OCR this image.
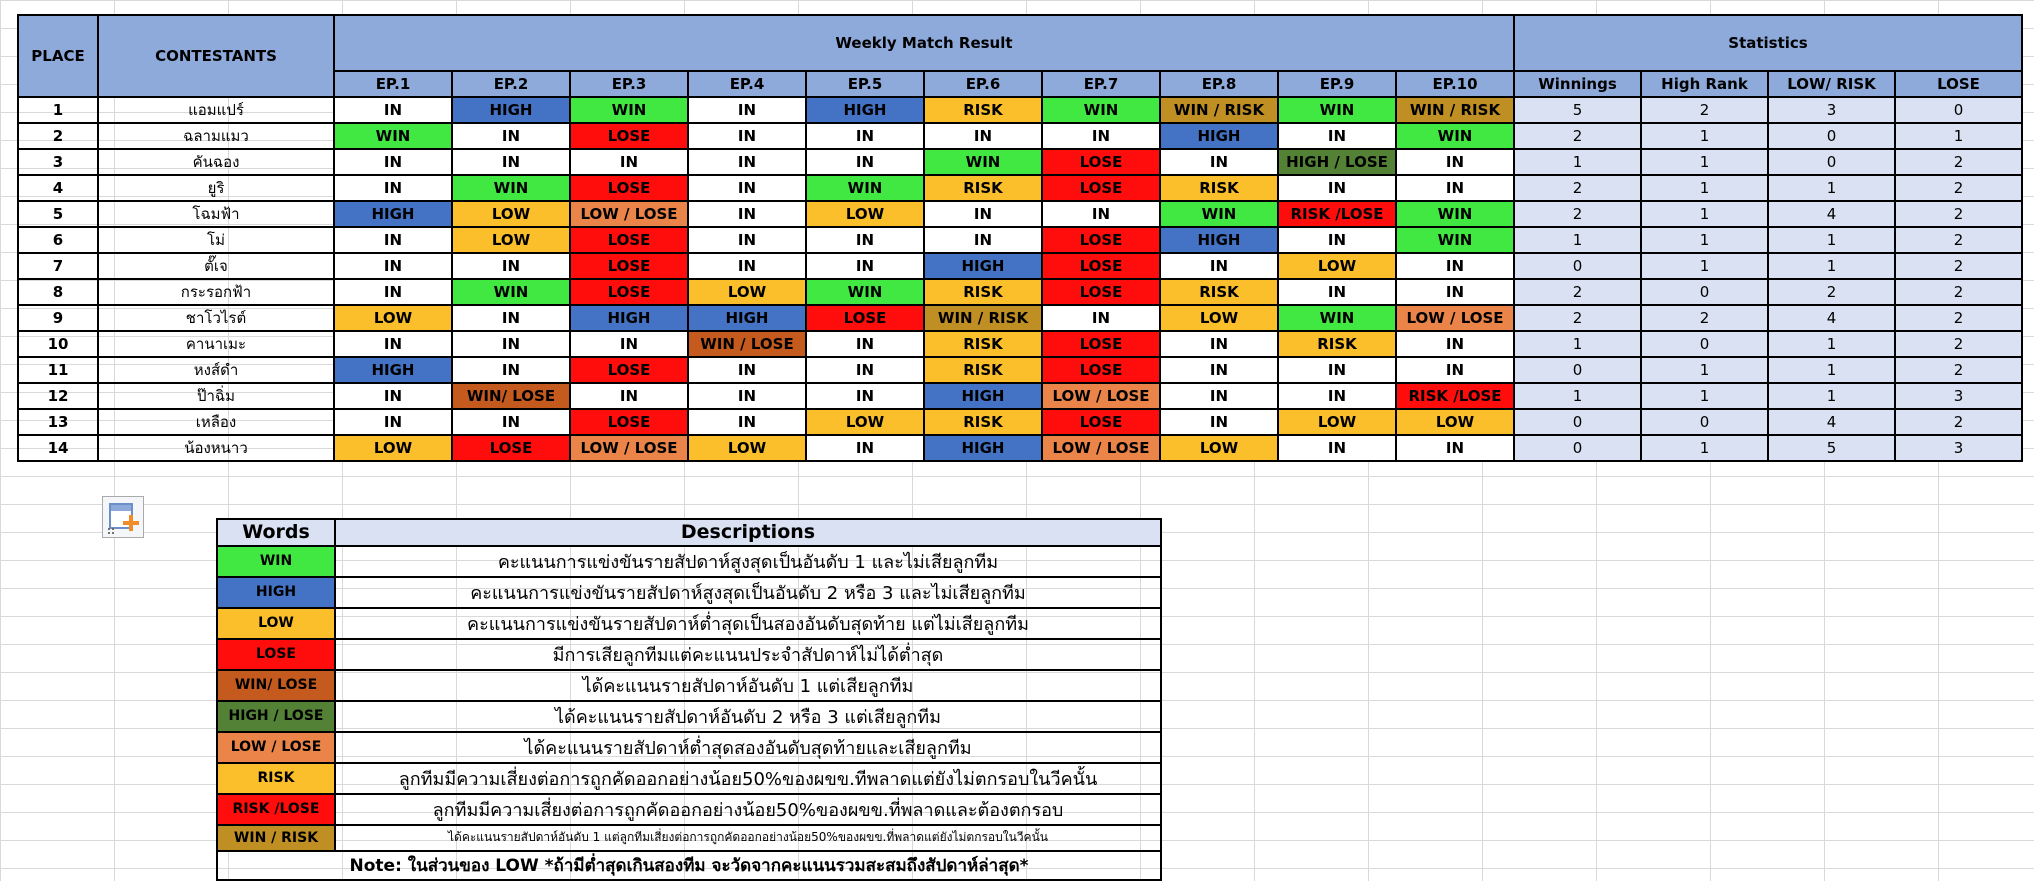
PLACE	CONTESTANTS	Weekly Match Result										Statistics			
		EP.1	EP.2	EP.3	EP.4	EP.5	EP.6	EP.7	EP.8	EP.9	EP.10	Winnings	High Rank	LOW/ RISK	LOSE
1	แอมแปร์	IN	HIGH	WIN	IN	HIGH	RISK	WIN	WIN / RISK	WIN	WIN / RISK	5	2	3	0
2	ฉลามแมว	WIN	IN	LOSE	IN	IN	IN	IN	HIGH	IN	WIN	2	1	0	1
3	คันฉอง	IN	IN	IN	IN	IN	WIN	LOSE	IN	HIGH / LOSE	IN	1	1	0	2
4	ยูริ	IN	WIN	LOSE	IN	WIN	RISK	LOSE	RISK	IN	IN	2	1	1	2
5	โฉมฟ้า	HIGH	LOW	LOW / LOSE	IN	LOW	IN	IN	WIN	RISK /LOSE	WIN	2	1	4	2
6	โม่	IN	LOW	LOSE	IN	IN	IN	LOSE	HIGH	IN	WIN	1	1	1	2
7	ตั๊เจ	IN	IN	LOSE	IN	IN	HIGH	LOSE	IN	LOW	IN	0	1	1	2
8	กระรอกฟ้า	IN	WIN	LOSE	LOW	WIN	RISK	LOSE	RISK	IN	IN	2	0	2	2
9	ชาโวไรต์	LOW	IN	HIGH	HIGH	LOSE	WIN / RISK	IN	LOW	WIN	LOW / LOSE	2	2	4	2
10	คานาเมะ	IN	IN	IN	WIN / LOSE	IN	RISK	LOSE	IN	RISK	IN	1	0	1	2
11	หงส์ดำ	HIGH	IN	LOSE	IN	IN	RISK	LOSE	IN	IN	IN	0	1	1	2
12	ป๊าฉิ่ม	IN	WIN/ LOSE	IN	IN	IN	HIGH	LOW / LOSE	IN	IN	RISK /LOSE	1	1	1	3
13	เหลือง	IN	IN	LOSE	IN	LOW	RISK	LOSE	IN	LOW	LOW	0	0	4	2
14	น้องหนาว	LOW	LOSE	LOW / LOSE	LOW	IN	HIGH	LOW / LOSE	LOW	IN	IN	0	1	5	3
Words	Descriptions
WIN	คะแนนการแข่งขันรายสัปดาห์สูงสุดเป็นอันดับ 1 และไม่เสียลูกทีม
HIGH	คะแนนการแข่งขันรายสัปดาห์สูงสุดเป็นอันดับ 2 หรือ 3 และไม่เสียลูกทีม
LOW	คะแนนการแข่งขันรายสัปดาห์ต่ำสุดเป็นสองอันดับสุดท้าย แต่ไม่เสียลูกทีม
LOSE	มีการเสียลูกทีมแต่คะแนนประจำสัปดาห์ไม่ได้ต่ำสุด
WIN/ LOSE	ได้คะแนนรายสัปดาห์อันดับ 1 แต่เสียลูกทีม
HIGH / LOSE	ได้คะแนนรายสัปดาห์อันดับ 2 หรือ 3 แต่เสียลูกทีม
LOW / LOSE	ได้คะแนนรายสัปดาห์ต่ำสุดสองอันดับสุดท้ายและเสียลูกทีม
RISK	ลูกทีมมีความเสี่ยงต่อการถูกคัดออกอย่างน้อย50%ของผขข.ทีพลาดแต่ยังไม่ตกรอบในวีคนั้น
RISK /LOSE	ลูกทีมมีความเสี่ยงต่อการถูกคัดออกอย่างน้อย50%ของผขข.ที่พลาดและต้องตกรอบ
WIN / RISK	ได้คะแนนรายสัปดาห์อันดับ 1 แต่ลูกทีมเสี่ยงต่อการถูกคัดออกอย่างน้อย50%ของผขข.ที่พลาดแต่ยังไม่ตกรอบในวีคนั้น
Note: ในส่วนของ LOW *ถ้ามีต่ำสุดเกินสองทีม จะวัดจากคะแนนรวมสะสมถึงสัปดาห์ล่าสุด*	
